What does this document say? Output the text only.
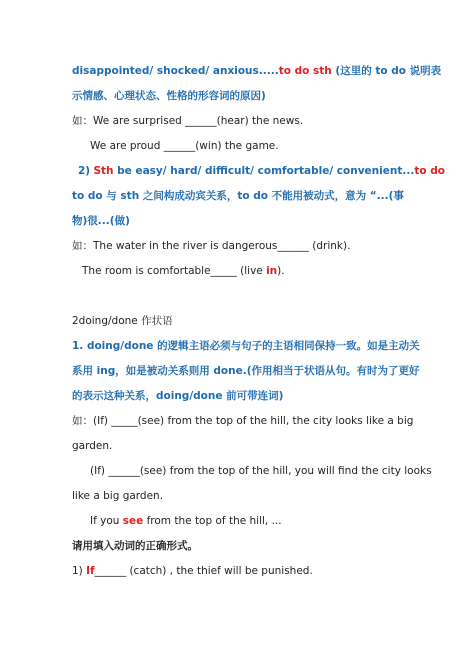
disappointed/ shocked/ anxious.....to do sth (这里的 to do 说明表
示情感、心理状态、性格的形容词的原因)
如：We are surprised ______(hear) the news.
We are proud ______(win) the game.
2) Sth be easy/ hard/ difficult/ comfortable/ convenient...to do
to do 与 sth 之间构成动宾关系，to do 不能用被动式，意为 “...(事
物)很...(做)
如：The water in the river is dangerous______ (drink).
The room is comfortable_____ (live in).
2doing/done 作状语
1. doing/done 的逻辑主语必须与句子的主语相同保持一致。如是主动关
系用 ing，如是被动关系则用 done.(作用相当于状语从句。有时为了更好
的表示这种关系，doing/done 前可带连词)
如：(If) _____(see) from the top of the hill, the city looks like a big
garden.
(If) ______(see) from the top of the hill, you will find the city looks
like a big garden.
If you see from the top of the hill, ...
请用填入动词的正确形式。
1) If______ (catch) , the thief will be punished.
